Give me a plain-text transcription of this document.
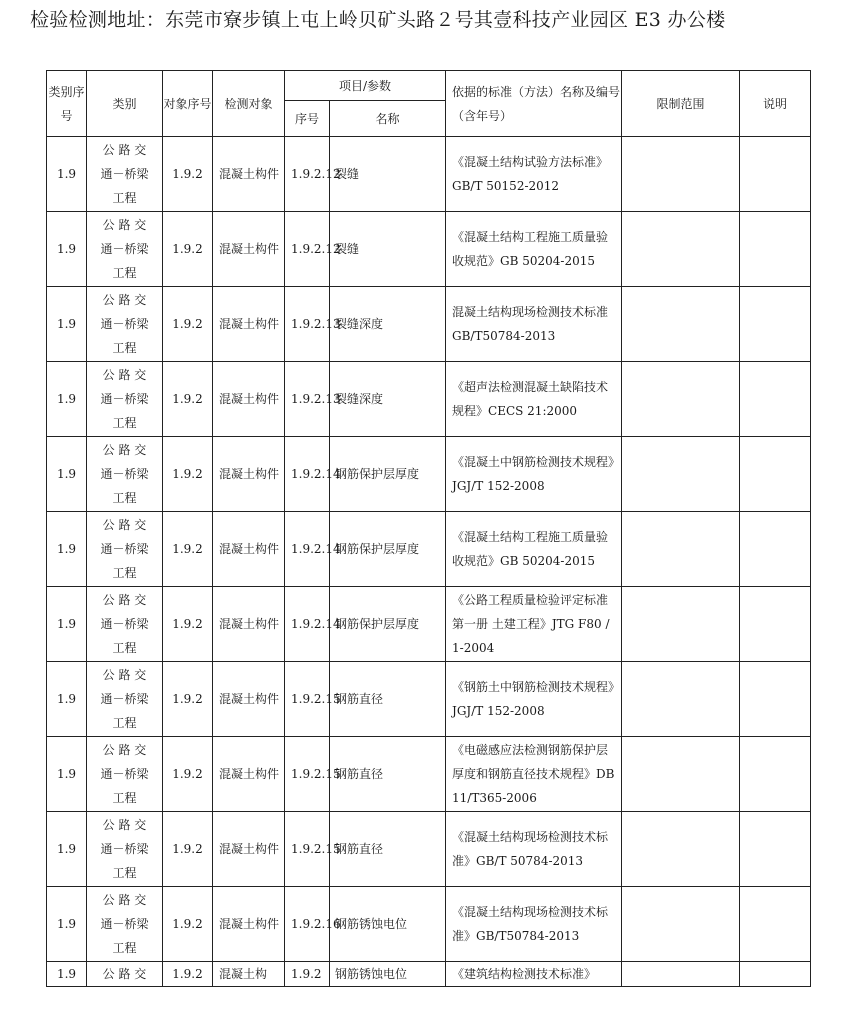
检验检测地址：东莞市寮步镇上屯上岭贝矿头路２号其壹科技产业园区 E3 办公楼
类别序号	类别	对象序号	检测对象	项目/参数		依据的标准（方法）名称及编号（含年号）	限制范围	说明
				序号	名称			
1.9	公 路 交 通－桥梁工程	1.9.2	混凝土构件	1.9.2.12	裂缝	《混凝土结构试验方法标准》GB/T 50152-2012		
1.9	公 路 交 通－桥梁工程	1.9.2	混凝土构件	1.9.2.12	裂缝	《混凝土结构工程施工质量验收规范》GB 50204-2015		
1.9	公 路 交 通－桥梁工程	1.9.2	混凝土构件	1.9.2.13	裂缝深度	混凝土结构现场检测技术标准 GB/T50784-2013		
1.9	公 路 交 通－桥梁工程	1.9.2	混凝土构件	1.9.2.13	裂缝深度	《超声法检测混凝土缺陷技术规程》CECS 21:2000		
1.9	公 路 交 通－桥梁工程	1.9.2	混凝土构件	1.9.2.14	钢筋保护层厚度	《混凝土中钢筋检测技术规程》JGJ/T 152-2008		
1.9	公 路 交 通－桥梁工程	1.9.2	混凝土构件	1.9.2.14	钢筋保护层厚度	《混凝土结构工程施工质量验收规范》GB 50204-2015		
1.9	公 路 交 通－桥梁工程	1.9.2	混凝土构件	1.9.2.14	钢筋保护层厚度	《公路工程质量检验评定标准 第一册 土建工程》JTG F80 / 1-2004		
1.9	公 路 交 通－桥梁工程	1.9.2	混凝土构件	1.9.2.15	钢筋直径	《钢筋土中钢筋检测技术规程》JGJ/T 152-2008		
1.9	公 路 交 通－桥梁工程	1.9.2	混凝土构件	1.9.2.15	钢筋直径	《电磁感应法检测钢筋保护层厚度和钢筋直径技术规程》DB 11/T365-2006		
1.9	公 路 交 通－桥梁工程	1.9.2	混凝土构件	1.9.2.15	钢筋直径	《混凝土结构现场检测技术标准》GB/T 50784-2013		
1.9	公 路 交 通－桥梁工程	1.9.2	混凝土构件	1.9.2.16	钢筋锈蚀电位	《混凝土结构现场检测技术标准》GB/T50784-2013		
1.9	公 路 交	1.9.2	混凝土构	1.9.2	钢筋锈蚀电位	《建筑结构检测技术标准》		
